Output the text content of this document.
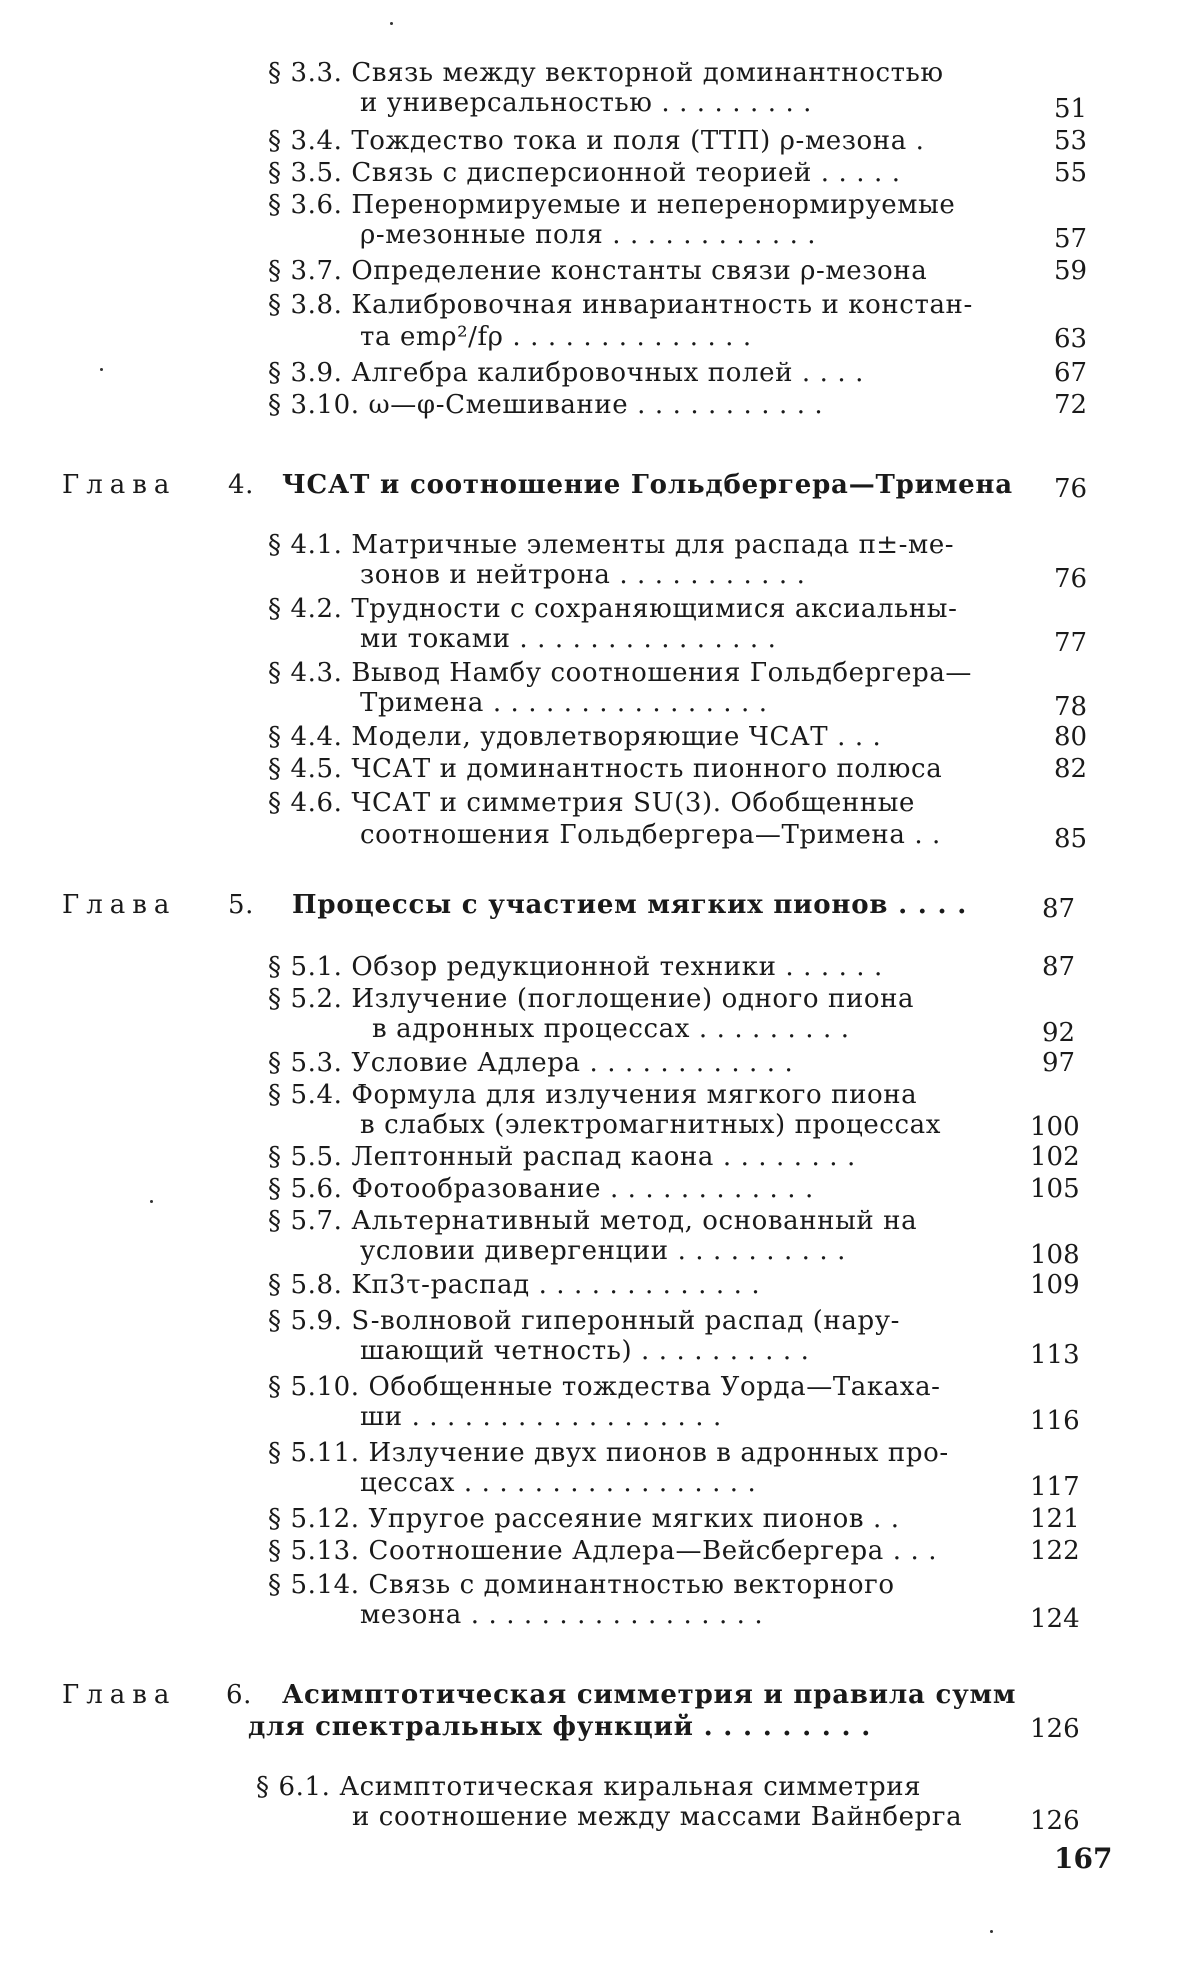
§ 3.3. Связь между векторной доминантностью
и универсальностью . . . . . . . . .	51
§ 3.4. Тождество тока и поля (ТТП) ρ-мезона .	53
§ 3.5. Связь с дисперсионной теорией . . . . .	55
§ 3.6. Перенормируемые и неперенормируемые
ρ-мезонные поля . . . . . . . . . . . .	57
§ 3.7. Определение константы связи ρ-мезона	59
§ 3.8. Калибровочная инвариантность и констан-
та emρ²/fρ . . . . . . . . . . . . . .	63
§ 3.9. Алгебра калибровочных полей . . . .	67
§ 3.10. ω—φ-Смешивание . . . . . . . . . . .	72
Глава 4. ЧСАТ и соотношение Гольдбергера—Тримена 76
§ 4.1. Матричные элементы для распада π±-ме-
зонов и нейтрона . . . . . . . . . . .	76
§ 4.2. Трудности с сохраняющимися аксиальны-
ми токами . . . . . . . . . . . . . . .	77
§ 4.3. Вывод Намбу соотношения Гольдбергера—
Тримена . . . . . . . . . . . . . . . .	78
§ 4.4. Модели, удовлетворяющие ЧСАТ . . .	80
§ 4.5. ЧСАТ и доминантность пионного полюса	82
§ 4.6. ЧСАТ и симметрия SU(3). Обобщенные
соотношения Гольдбергера—Тримена . .	85
Глава 5. Процессы с участием мягких пионов . . . .	87
§ 5.1. Обзор редукционной техники . . . . . .	87
§ 5.2. Излучение (поглощение) одного пиона
в адронных процессах . . . . . . . . .	92
§ 5.3. Условие Адлера . . . . . . . . . . . .	97
§ 5.4. Формула для излучения мягкого пиона
в слабых (электромагнитных) процессах	100
§ 5.5. Лептонный распад каона . . . . . . . .	102
§ 5.6. Фотообразование . . . . . . . . . . . .	105
§ 5.7. Альтернативный метод, основанный на
условии дивергенции . . . . . . . . . .	108
§ 5.8. Kπ3τ-распад . . . . . . . . . . . . .	109
§ 5.9. S-волновой гиперонный распад (нару-
шающий четность) . . . . . . . . . .	113
§ 5.10. Обобщенные тождества Уорда—Такаха-
ши . . . . . . . . . . . . . . . . . .	116
§ 5.11. Излучение двух пионов в адронных про-
цессах . . . . . . . . . . . . . . . . .	117
§ 5.12. Упругое рассеяние мягких пионов . .	121
§ 5.13. Соотношение Адлера—Вейсбергера . . .	122
§ 5.14. Связь с доминантностью векторного
мезона . . . . . . . . . . . . . . . . .	124
Глава 6. Асимптотическая симметрия и правила сумм
для спектральных функций . . . . . . . . .	126
§ 6.1. Асимптотическая киральная симметрия
и соотношение между массами Вайнберга	126
167
